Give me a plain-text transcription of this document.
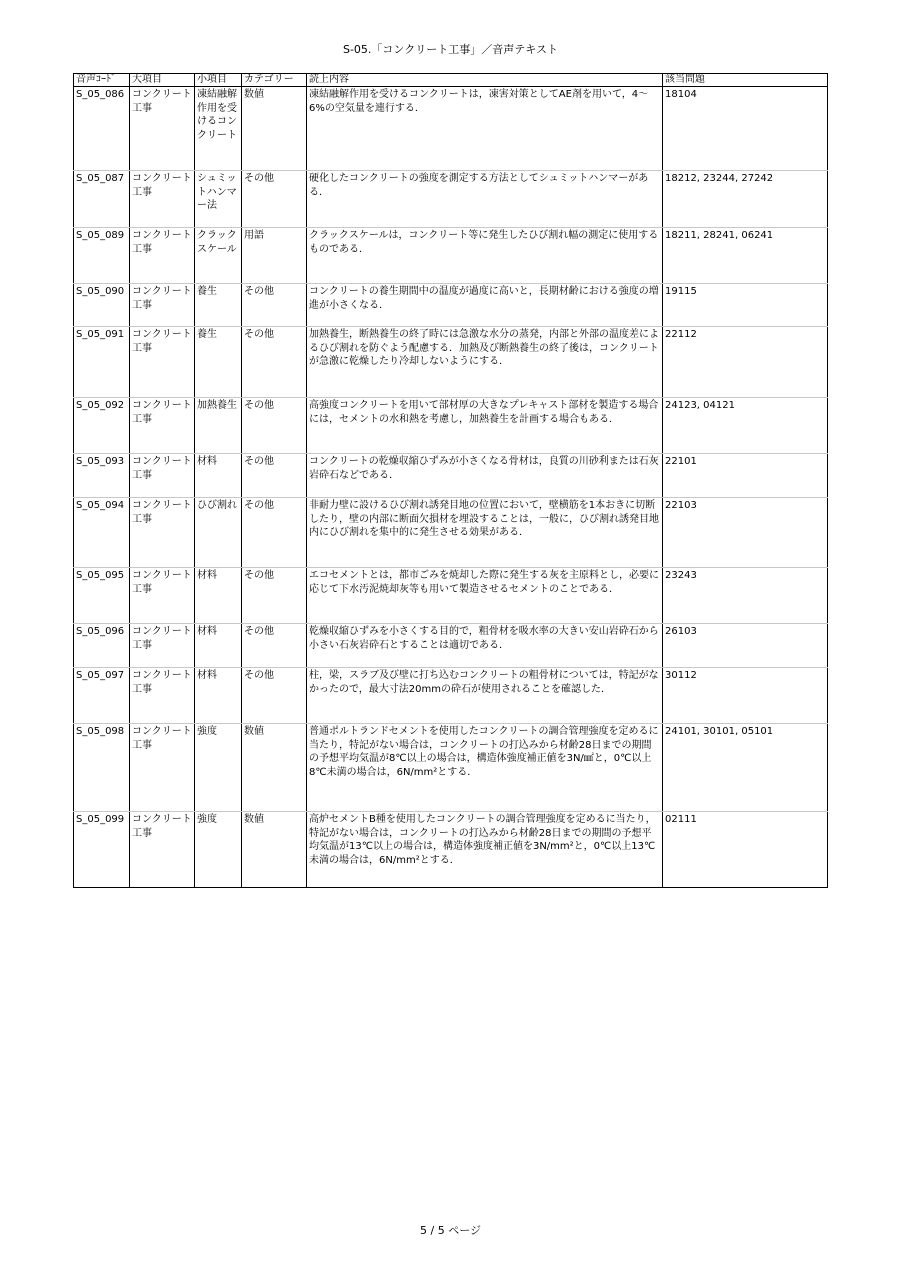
S-05.「コンクリート工事」／音声テキスト
音声ｺｰﾄﾞ	大項目	小項目	カテゴリー	読上内容	該当問題
S_05_086	コンクリート工事	凍結融解作用を受けるコンクリート	数値	凍結融解作用を受けるコンクリートは，凍害対策としてAE剤を用いて，4～6%の空気量を連行する．	18104
S_05_087	コンクリート工事	シュミットハンマー法	その他	硬化したコンクリートの強度を測定する方法としてシュミットハンマーがある．	18212, 23244, 27242
S_05_089	コンクリート工事	クラックスケール	用語	クラックスケールは，コンクリート等に発生したひび割れ幅の測定に使用するものである．	18211, 28241, 06241
S_05_090	コンクリート工事	養生	その他	コンクリートの養生期間中の温度が過度に高いと，長期材齢における強度の増進が小さくなる．	19115
S_05_091	コンクリート工事	養生	その他	加熱養生，断熱養生の終了時には急激な水分の蒸発，内部と外部の温度差によるひび割れを防ぐよう配慮する．加熱及び断熱養生の終了後は，コンクリートが急激に乾燥したり冷却しないようにする．	22112
S_05_092	コンクリート工事	加熱養生	その他	高強度コンクリートを用いて部材厚の大きなプレキャスト部材を製造する場合には，セメントの水和熱を考慮し，加熱養生を計画する場合もある．	24123, 04121
S_05_093	コンクリート工事	材料	その他	コンクリートの乾燥収縮ひずみが小さくなる骨材は，良質の川砂利または石灰岩砕石などである．	22101
S_05_094	コンクリート工事	ひび割れ	その他	非耐力壁に設けるひび割れ誘発目地の位置において，壁横筋を1本おきに切断したり，壁の内部に断面欠損材を埋設することは，一般に，ひび割れ誘発目地内にひび割れを集中的に発生させる効果がある．	22103
S_05_095	コンクリート工事	材料	その他	エコセメントとは，都市ごみを焼却した際に発生する灰を主原料とし，必要に応じて下水汚泥焼却灰等も用いて製造させるセメントのことである．	23243
S_05_096	コンクリート工事	材料	その他	乾燥収縮ひずみを小さくする目的で，粗骨材を吸水率の大きい安山岩砕石から小さい石灰岩砕石とすることは適切である．	26103
S_05_097	コンクリート工事	材料	その他	柱，梁，スラブ及び壁に打ち込むコンクリートの粗骨材については，特記がなかったので，最大寸法20mmの砕石が使用されることを確認した．	30112
S_05_098	コンクリート工事	強度	数値	普通ポルトランドセメントを使用したコンクリートの調合管理強度を定めるに当たり，特記がない場合は，コンクリートの打込みから材齢28日までの期間の予想平均気温が8℃以上の場合は，構造体強度補正値を3N/㎟と，0℃以上8℃未満の場合は，6N/mm²とする．	24101, 30101, 05101
S_05_099	コンクリート工事	強度	数値	高炉セメントB種を使用したコンクリートの調合管理強度を定めるに当たり，特記がない場合は，コンクリートの打込みから材齢28日までの期間の予想平均気温が13℃以上の場合は，構造体強度補正値を3N/mm²と，0℃以上13℃未満の場合は，6N/mm²とする．	02111
5 / 5 ページ
